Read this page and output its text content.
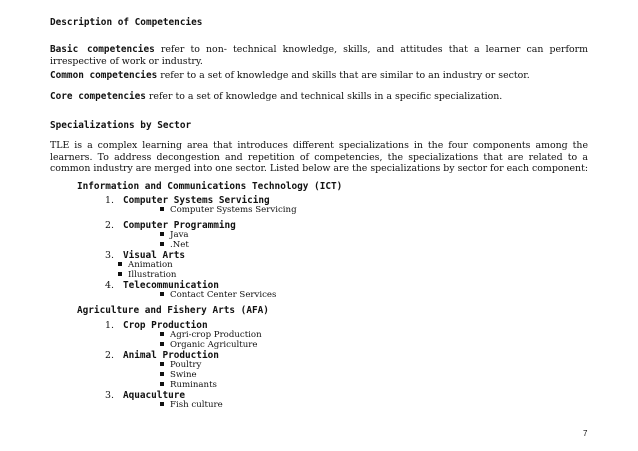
Description of Competencies
Basic competencies refer to non- technical knowledge, skills, and attitudes that a learner can perform irrespective of work or industry.
Common competencies refer to a set of knowledge and skills that are similar to an industry or sector.
Core competencies refer to a set of knowledge and technical skills in a specific specialization.
Specializations by Sector
TLE is a complex learning area that introduces different specializations in the four components among the learners. To address decongestion and repetition of competencies, the specializations that are related to a common industry are merged into one sector. Listed below are the specializations by sector for each component:
Information and Communications Technology (ICT)
1. Computer Systems Servicing
Computer Systems Servicing
2. Computer Programming
Java
.Net
3. Visual Arts
Animation
Illustration
4. Telecommunication
Contact Center Services
Agriculture and Fishery Arts (AFA)
1. Crop Production
Agri-crop Production
Organic Agriculture
2. Animal Production
Poultry
Swine
Ruminants
3. Aquaculture
Fish culture
7
